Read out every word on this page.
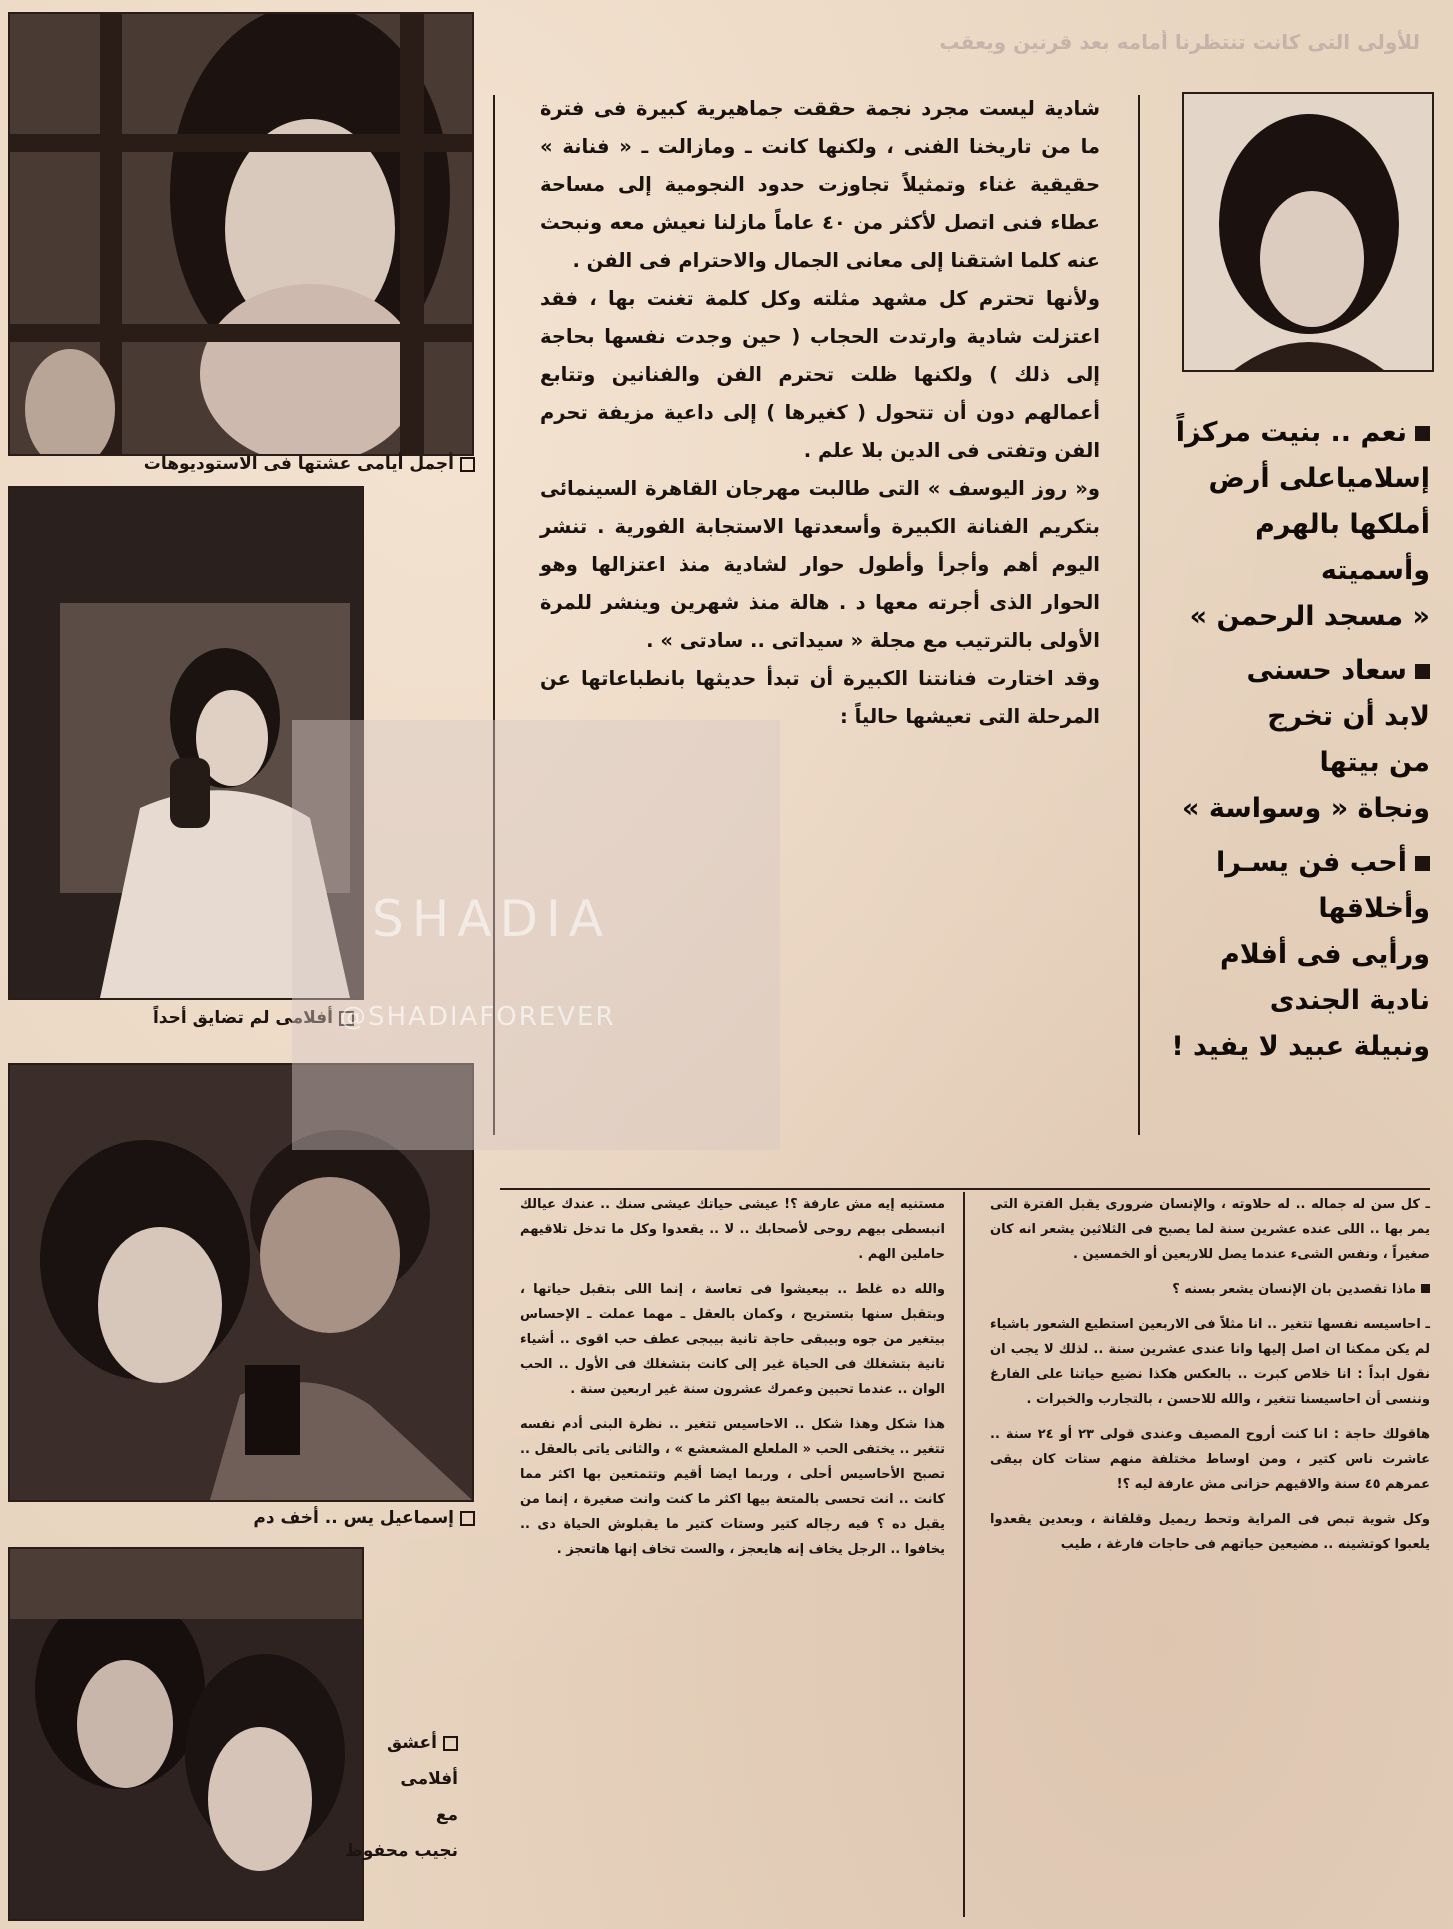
للأولى التى كانت تنتظرنا أمامه بعد قرنين ويعقب
أجمل أيامى عشتها فى الاستوديوهات
أفلامى لم تضايق أحداً
إسماعيل يس .. أخف دم
أعشق
أفلامى
مع
نجيب محفوظ

شادية ليست مجرد نجمة حققت جماهيرية كبيرة فى فترة ما من تاريخنا الفنى ، ولكنها كانت ـ ومازالت ـ « فنانة » حقيقية غناء وتمثيلاً تجاوزت حدود النجومية إلى مساحة عطاء فنى اتصل لأكثر من ٤٠ عاماً مازلنا نعيش معه ونبحث عنه كلما اشتقنا إلى معانى الجمال والاحترام فى الفن .

ولأنها تحترم كل مشهد مثلته وكل كلمة تغنت بها ، فقد اعتزلت شادية وارتدت الحجاب ( حين وجدت نفسها بحاجة إلى ذلك ) ولكنها ظلت تحترم الفن والفنانين وتتابع أعمالهم دون أن تتحول ( كغيرها ) إلى داعية مزيفة تحرم الفن وتفتى فى الدين بلا علم .

و« روز اليوسف » التى طالبت مهرجان القاهرة السينمائى بتكريم الفنانة الكبيرة وأسعدتها الاستجابة الفورية . تنشر اليوم أهم وأجرأ وأطول حوار لشادية منذ اعتزالها وهو الحوار الذى أجرته معها د . هالة منذ شهرين وينشر للمرة الأولى بالترتيب مع مجلة « سيداتى .. سادتى » .

وقد اختارت فنانتنا الكبيرة أن تبدأ حديثها بانطباعاتها عن المرحلة التى تعيشها حالياً :

نعم .. بنيت مركزاً
إسلامياعلى أرض
أملكها بالهرم
وأسميته
« مسجد الرحمن »

سعاد حسنى
لابد أن تخرج
من بيتها
ونجاة « وسواسة »

أحب فن يسـرا
وأخلاقها
ورأيى فى أفلام
نادية الجندى
ونبيلة عبيد لا يفيد !

SHADIA
@SHADIAFOREVER

ـ كل سن له جماله .. له حلاوته ، والإنسان ضرورى يقبل الفترة التى يمر بها .. اللى عنده عشرين سنة لما يصبح فى الثلاثين يشعر انه كان صغيراً ، ونفس الشىء عندما يصل للاربعين أو الخمسين .

ماذا تقصدين بان الإنسان يشعر بسنه ؟

ـ احاسيسه نفسها تتغير .. انا مثلاً فى الاربعين استطيع الشعور باشياء لم يكن ممكنا ان اصل إليها وانا عندى عشرين سنة .. لذلك لا يجب ان نقول ابداً : انا خلاص كبرت .. بالعكس هكذا نضيع حياتنا على الفارغ وننسى أن احاسيسنا تتغير ، والله للاحسن ، بالتجارب والخبرات .

هاقولك حاجة : انا كنت أروح المصيف وعندى قولى ٢٣ أو ٢٤ سنة .. عاشرت ناس كتير ، ومن اوساط مختلفة منهم ستات كان بيقى عمرهم ٤٥ سنة والاقيهم حزانى مش عارفة ليه ؟!

وكل شوية تبص فى المراية وتحط ريميل وقلقانة ، وبعدين يقعدوا يلعبوا كوتشينه .. مضيعين حياتهم فى حاجات فارغة ، طيب

مستنيه إيه مش عارفة ؟! عيشى حياتك عيشى سنك .. عندك عيالك انبسطى بيهم روحى لأصحابك .. لا .. يقعدوا وكل ما تدخل تلاقيهم حاملين الهم .

والله ده غلط .. بيعيشوا فى تعاسة ، إنما اللى بتقبل حياتها ، وبتقبل سنها بتستريح ، وكمان بالعقل ـ مهما عملت ـ الإحساس بيتغير من جوه وبيبقى حاجة تانية بيبجى عطف حب اقوى .. أشياء تانية بتشغلك فى الحياة غير إلى كانت بتشغلك فى الأول .. الحب الوان .. عندما تحبين وعمرك عشرون سنة غير اربعين سنة .

هذا شكل وهذا شكل .. الاحاسيس تتغير .. نظرة البنى أدم نفسه تتغير .. يختفى الحب « الملعلع المشعشع » ، والثانى ياتى بالعقل .. تصبح الأحاسيس أحلى ، وربما ايضا أقيم وتتمتعين بها اكثر مما كانت .. انت تحسى بالمتعة بيها اكثر ما كنت وانت صغيرة ، إنما من يقبل ده ؟ فيه رجاله كتير وستات كتير ما يقبلوش الحياة دى .. يخافوا .. الرجل يخاف إنه هايعجز ، والست تخاف إنها هاتعجز .
